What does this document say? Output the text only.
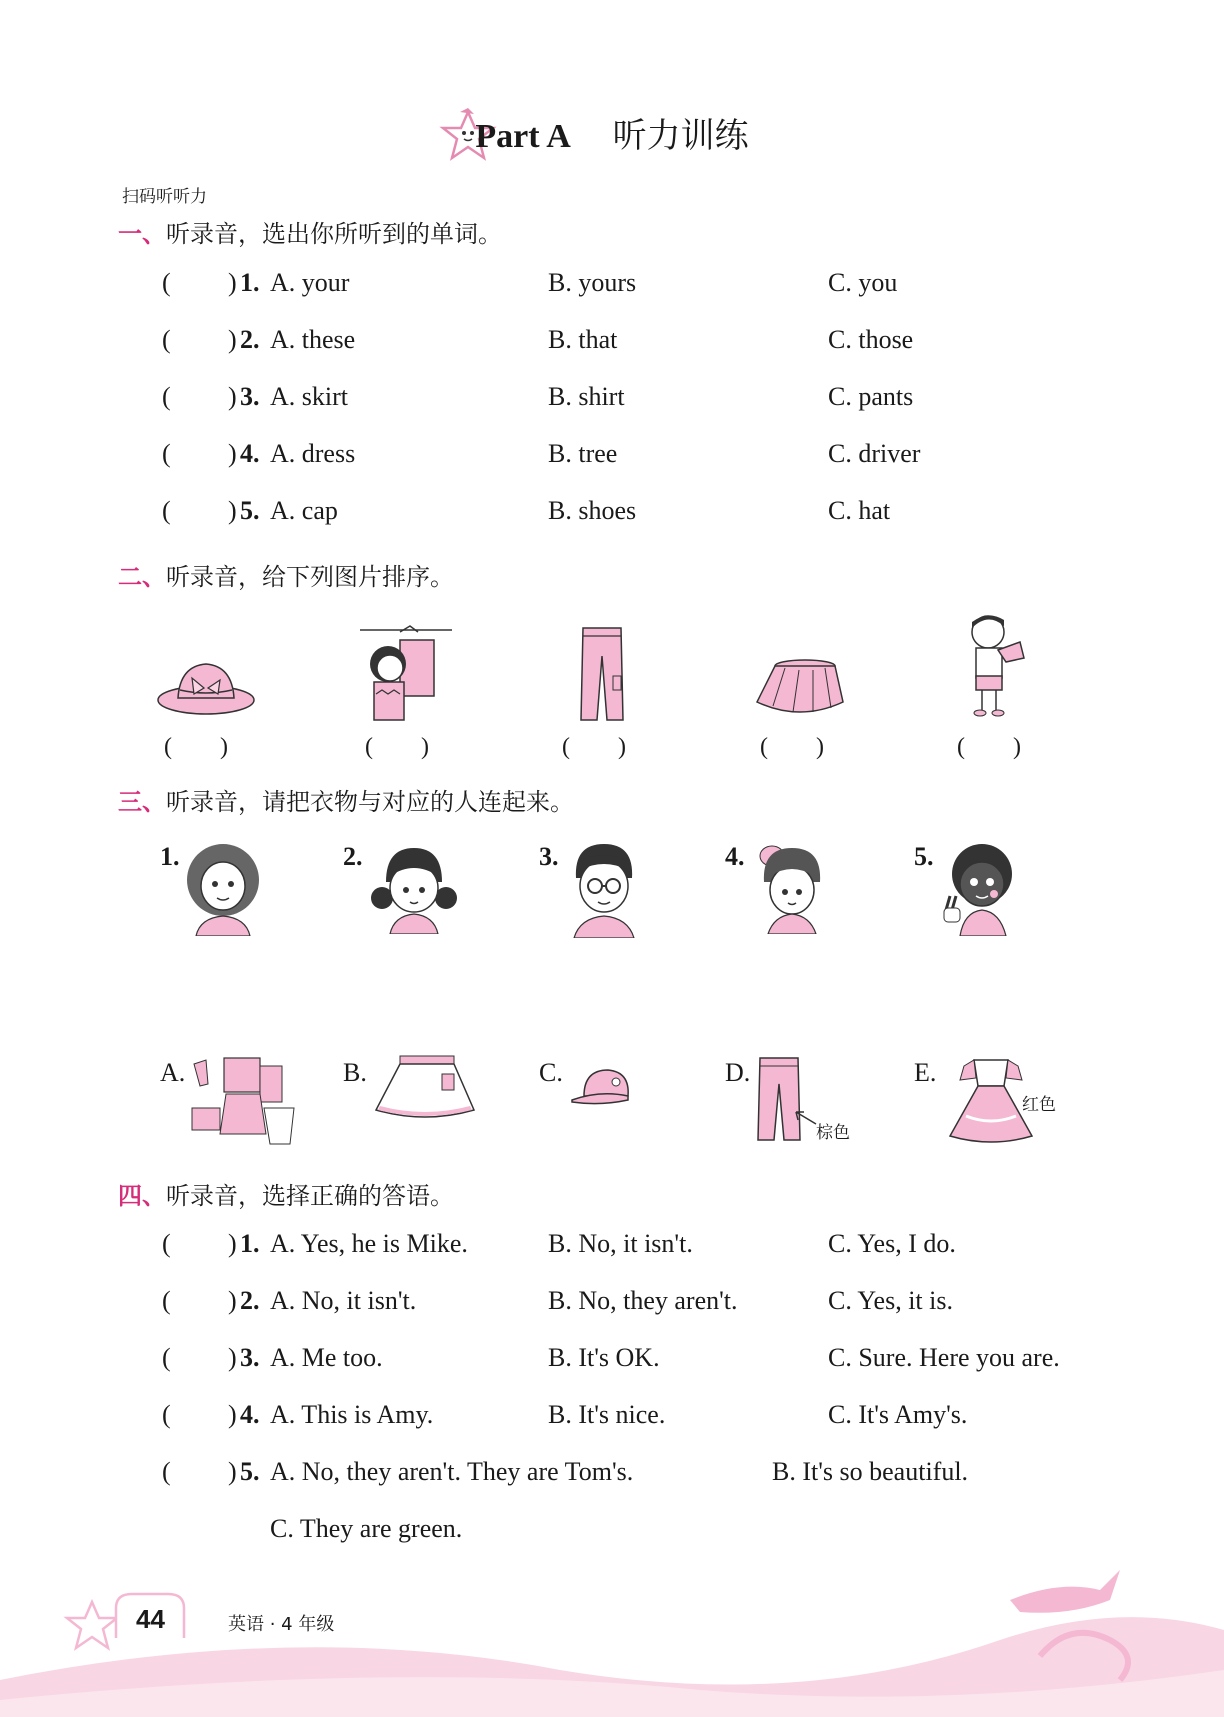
Part A 听力训练
扫码听听力
一、听录音，选出你所听到的单词。
( ) 1. A. your	B. yours	C. you
( ) 2. A. these	B. that	C. those
( ) 3. A. skirt	B. shirt	C. pants
( ) 4. A. dress	B. tree	C. driver
( ) 5. A. cap	B. shoes	C. hat
二、听录音，给下列图片排序。
(　　)	(　　)	(　　)	(　　)	(　　)
三、听录音，请把衣物与对应的人连起来。
1.	2.	3.	4.	5.
A.	B.	C.	D.	E.
棕色
红色
四、听录音，选择正确的答语。
( ) 1. A. Yes, he is Mike.	B. No, it isn't.	C. Yes, I do.
( ) 2. A. No, it isn't.	B. No, they aren't.	C. Yes, it is.
( ) 3. A. Me too.	B. It's OK.	C. Sure. Here you are.
( ) 4. A. This is Amy.	B. It's nice.	C. It's Amy's.
( ) 5. A. No, they aren't. They are Tom's.	B. It's so beautiful.
C. They are green.
44	英语 · 4 年级
